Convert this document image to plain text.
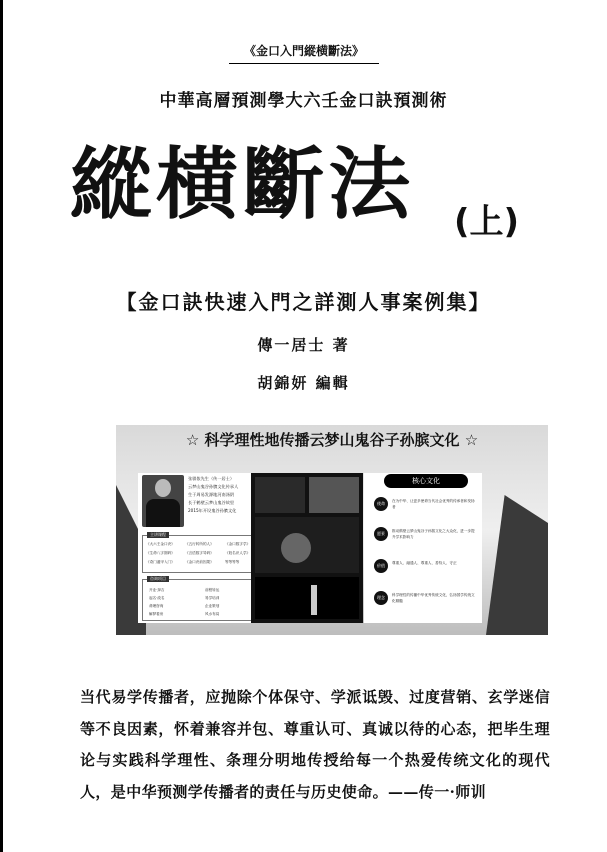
《金口入門縱横斷法》
中華高層預測學大六壬金口訣預測術
縱横斷法 (上)
【金口訣快速入門之詳測人事案例集】
傳一居士 著
胡錦妍 編輯
☆ 科学理性地传播云梦山鬼谷子孙膑文化 ☆
张骐侬先生（传一居士）
云梦山鬼谷孙膑文化传承人
生于周易发源地河南汤阴
长于鹤壁云梦山鬼谷故里
2015年开设鬼谷孙膑文化
主讲课程
《大六壬金口诀》	《五行转所的人》	《金口数字学》
《生命八字图码》	《言语数字导码》	《姓名识人学》
《奇门遁甲入门》	《金口诀前因果》	等等等等
咨询项目
开业·择吉	前程转运
起名·改名	易学培训
命理咨询	企业策划
解梦看房	风水布局
核心文化
使命	在为中华、让更多使命当代社会优秀的传承者和发扬者
愿景	推动鹤壁云梦山鬼谷子孙膑文化之大众化，进一步提升学术影响力
价值	尊重人、融通人、尊重人、善待人、守正
理念	科学理性的传播中华优秀传统文化，弘扬国学传统文化精髓
当代易学传播者，应抛除个体保守、学派诋毁、过度营销、玄学迷信等不良因素，怀着兼容并包、尊重认可、真诚以待的心态，把毕生理论与实践科学理性、条理分明地传授给每一个热爱传统文化的现代人，是中华预测学传播者的责任与历史使命。——传一·师训
